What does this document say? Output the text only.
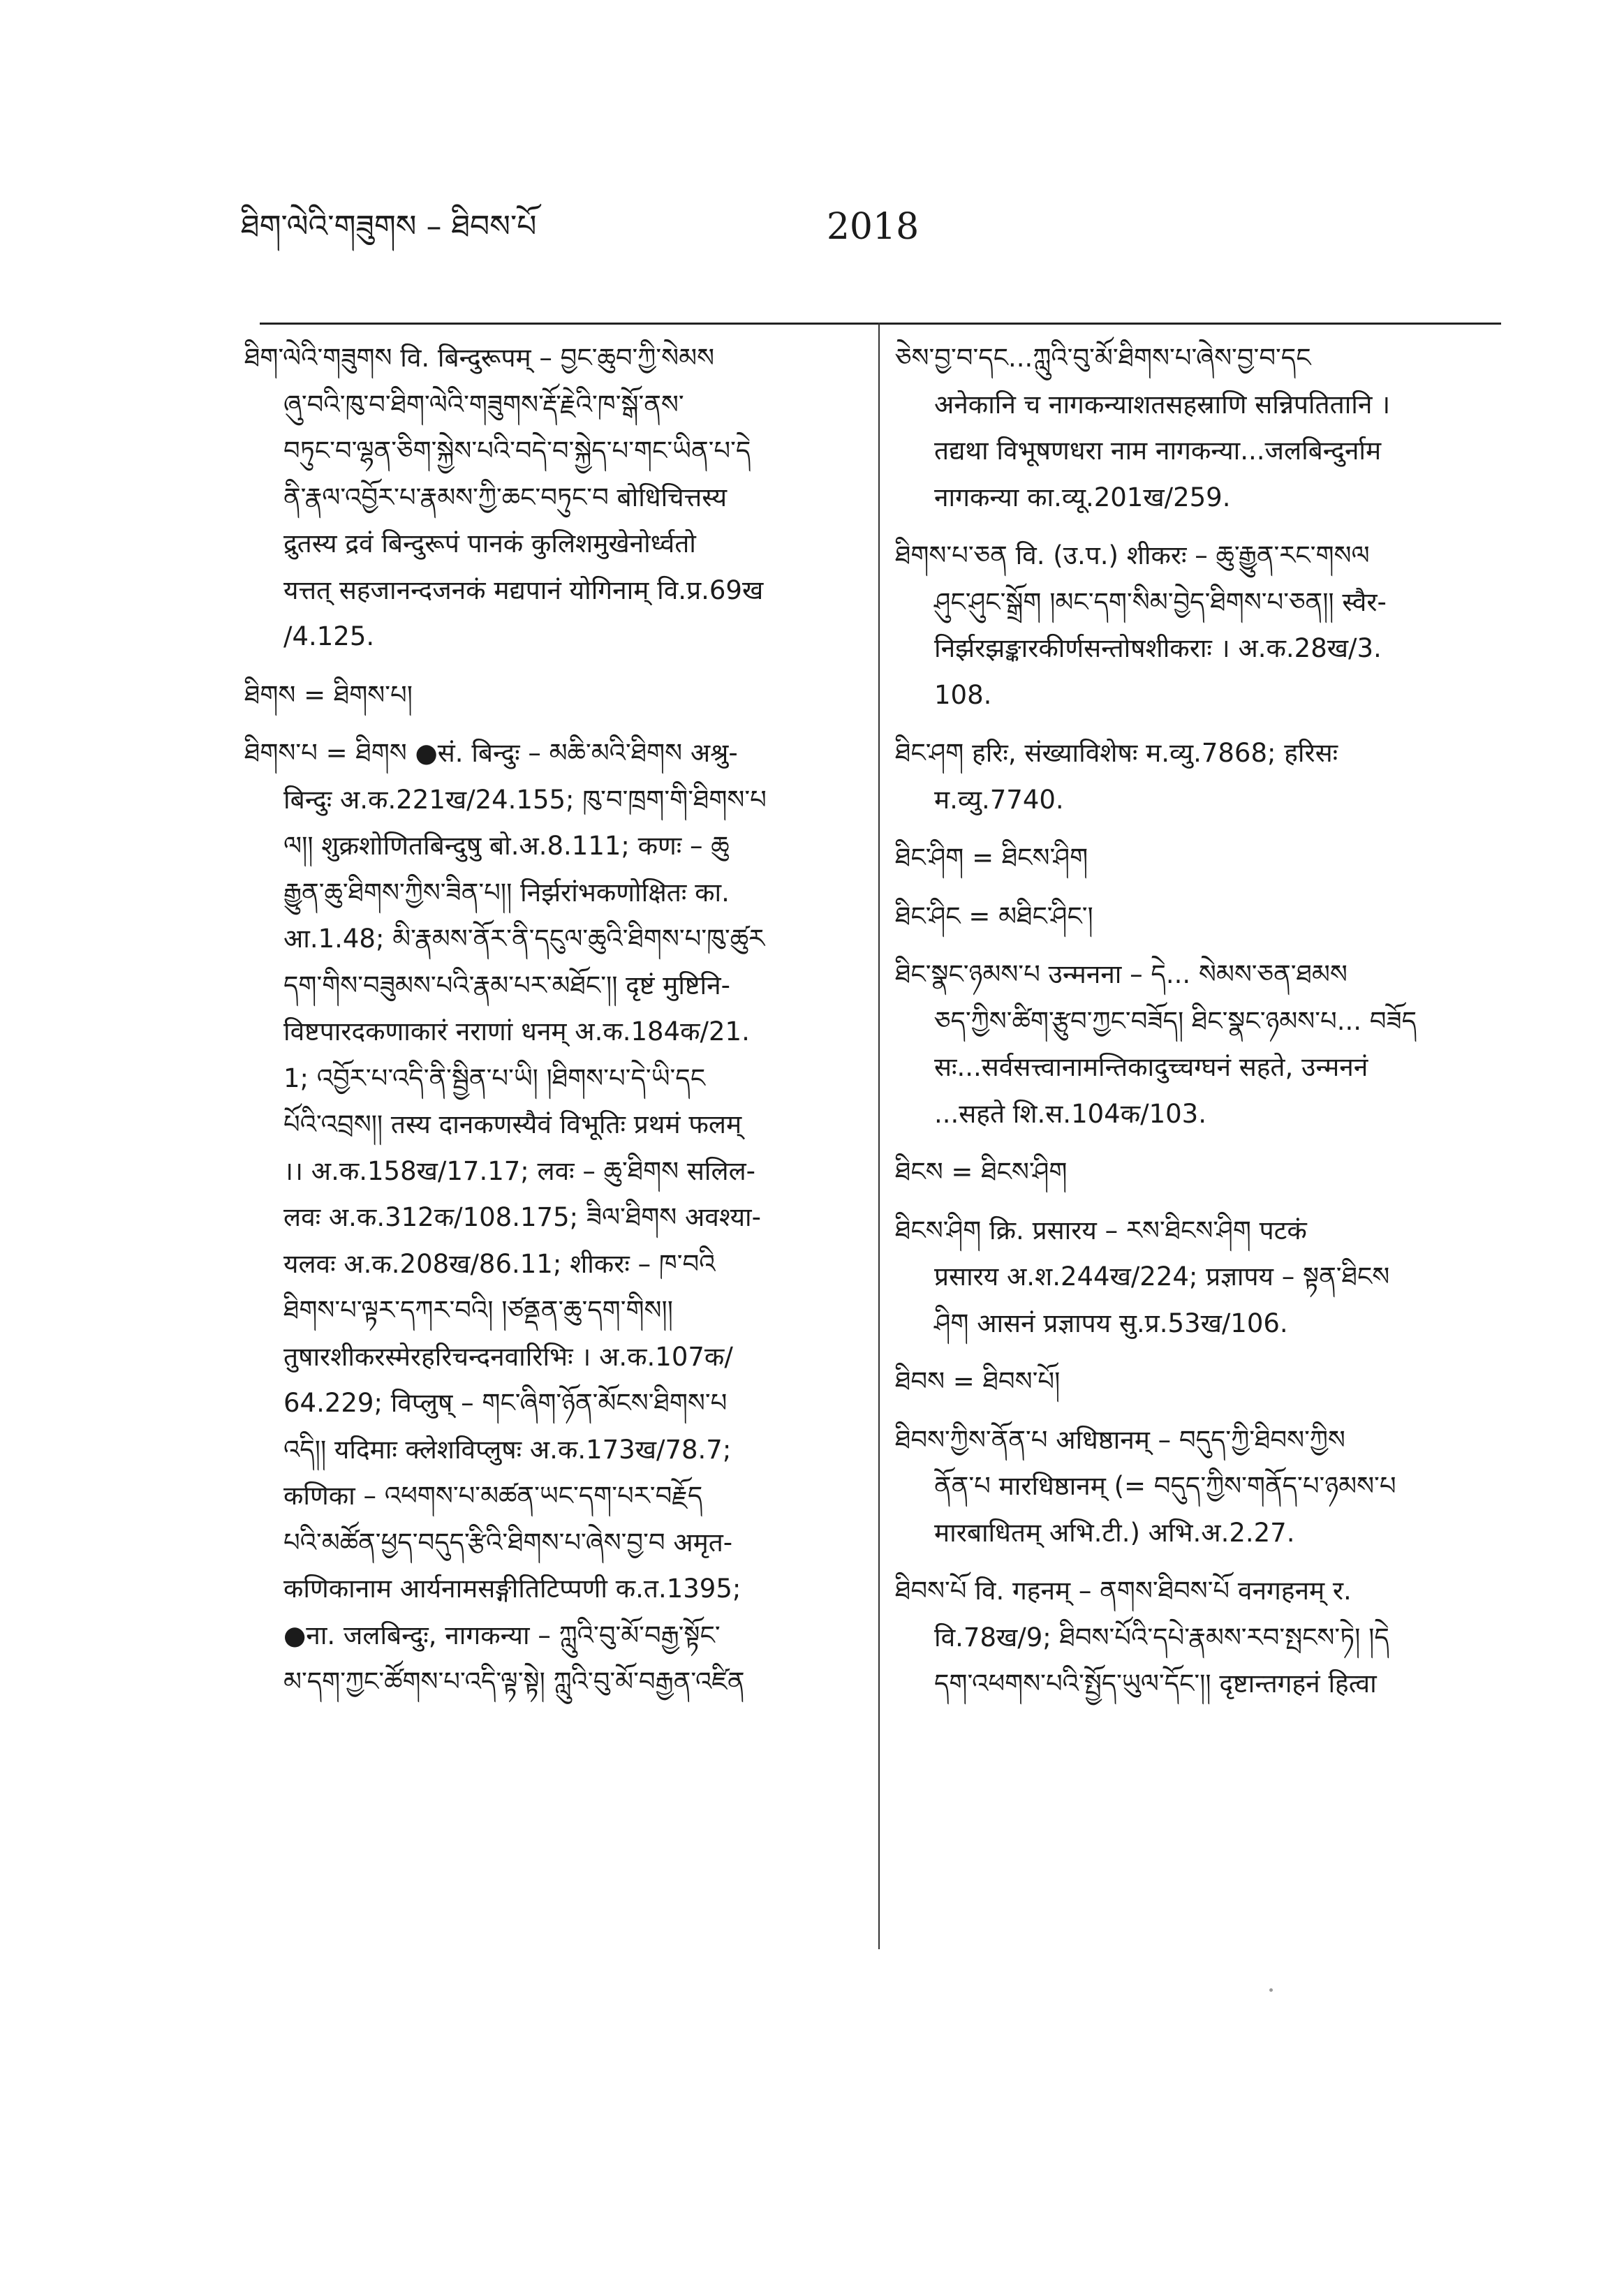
ཐིག་ལེའི་གཟུགས – ཐིབས་པོ	2018
ཐིག་ལེའི་གཟུགས वि. बिन्दुरूपम् – བྱང་ཆུབ་ཀྱི་སེམས
ཞུ་བའི་ཁུ་བ་ཐིག་ལེའི་གཟུགས་རྡོ་རྗེའི་ཁ་སྒོ་ནས་
བཏུང་བ་ལྷན་ཅིག་སྐྱེས་པའི་བདེ་བ་སྐྱེད་པ་གང་ཡིན་པ་དེ
ནི་རྣལ་འབྱོར་པ་རྣམས་ཀྱི་ཆང་བཏུང་བ बोधिचित्तस्य
द्रुतस्य द्रवं बिन्दुरूपं पानकं कुलिशमुखेनोर्ध्वतो
यत्तत् सहजानन्दजनकं मद्यपानं योगिनाम् वि.प्र.69ख
/4.125.
ཐིགས = ཐིགས་པ།
ཐིགས་པ = ཐིགས ●सं. बिन्दुः – མཆི་མའི་ཐིགས अश्रु-
बिन्दुः अ.क.221ख/24.155; ཁུ་བ་ཁྲག་གི་ཐིགས་པ
ལ།། शुक्रशोणितबिन्दुषु बो.अ.8.111; कणः – ཆུ
རྒྱུན་ཆུ་ཐིགས་ཀྱིས་ཟིན་པ།། निर्झरांभकणोक्षितः का.
आ.1.48; མི་རྣམས་ནོར་ནི་དངུལ་ཆུའི་ཐིགས་པ་ཁུ་ཚུར
དག་གིས་བཟུམས་པའི་རྣམ་པར་མཐོང་།། दृष्टं मुष्टिनि-
विष्टपारदकणाकारं नराणां धनम् अ.क.184क/21.
1; འབྱོར་པ་འདི་ནི་སྦྱིན་པ་ཡི། །ཐིགས་པ་དེ་ཡི་དང
པོའི་འབྲས།། तस्य दानकणस्यैवं विभूतिः प्रथमं फलम्
।। अ.क.158ख/17.17; लवः – ཆུ་ཐིགས सलिल-
लवः अ.क.312क/108.175; ཟིལ་ཐིགས अवश्या-
यलवः अ.क.208ख/86.11; शीकरः – ཁ་བའི
ཐིགས་པ་ལྟར་དཀར་བའི། །ཙནྡན་ཆུ་དག་གིས།།
तुषारशीकरस्मेरहरिचन्दनवारिभिः । अ.क.107क/
64.229; विप्लुष् – གང་ཞིག་ཉོན་མོངས་ཐིགས་པ
འདི།། यदिमाः क्लेशविप्लुषः अ.क.173ख/78.7;
कणिका – འཕགས་པ་མཚན་ཡང་དག་པར་བརྗོད
པའི་མཚོན་ཕྱད་བདུད་རྩིའི་ཐིགས་པ་ཞེས་བྱ་བ अमृत-
कणिकानाम आर्यनामसङ्गीतिटिप्पणी क.त.1395;
●ना. जलबिन्दुः, नागकन्या – ཀླུའི་བུ་མོ་བརྒྱ་སྟོང་
མ་དག་ཀྱང་ཚོགས་པ་འདི་ལྟ་སྟེ། ཀླུའི་བུ་མོ་བརྒྱན་འཛིན
ཅེས་བྱ་བ་དང...ཀླུའི་བུ་མོ་ཐིགས་པ་ཞེས་བྱ་བ་དང
अनेकानि च नागकन्याशतसहस्राणि सन्निपतितानि ।
तद्यथा विभूषणधरा नाम नागकन्या...जलबिन्दुर्नाम
नागकन्या का.व्यू.201ख/259.
ཐིགས་པ་ཅན वि. (उ.प.) शीकरः – ཆུ་རྒྱུན་རང་གསལ
ཤུང་ཤུང་སྒྲོག །མང་དག་སིམ་བྱེད་ཐིགས་པ་ཅན།། स्वैर-
निर्झरझङ्कारकीर्णसन्तोषशीकराः । अ.क.28ख/3.
108.
ཐིང་ཤག हरिः, संख्याविशेषः म.व्यु.7868; हरिसः
म.व्यु.7740.
ཐིང་ཤིག = ཐིངས་ཤིག
ཐིང་ཤིང = མཐིང་ཤིང་།
ཐིང་སྣང་ཉམས་པ उन्मनना – དེ... སེམས་ཅན་ཐམས
ཅད་ཀྱིས་ཚིག་རྩུབ་ཀྱང་བཟོད། ཐིང་སྣང་ཉམས་པ... བཟོད
सः...सर्वसत्त्वानामन्तिकादुच्चग्घनं सहते, उन्मननं
...सहते शि.स.104क/103.
ཐིངས = ཐིངས་ཤིག
ཐིངས་ཤིག क्रि. प्रसारय – རས་ཐིངས་ཤིག पटकं
प्रसारय अ.श.244ख/224; प्रज्ञापय – སྟན་ཐིངས
ཤིག आसनं प्रज्ञापय सु.प्र.53ख/106.
ཐིབས = ཐིབས་པོ།
ཐིབས་ཀྱིས་ནོན་པ अधिष्ठानम् – བདུད་ཀྱི་ཐིབས་ཀྱིས
ནོན་པ मारधिष्ठानम् (= བདུད་ཀྱིས་གནོད་པ་ཉམས་པ
मारबाधितम् अभि.टी.) अभि.अ.2.27.
ཐིབས་པོ वि. गहनम् – ནགས་ཐིབས་པོ वनगहनम् र.
वि.78ख/9; ཐིབས་པོའི་དཔེ་རྣམས་རབ་སྤངས་ཏེ། །དེ
དག་འཕགས་པའི་སྤྱོད་ཡུལ་དོང་།། दृष्टान्तगहनं हित्वा
